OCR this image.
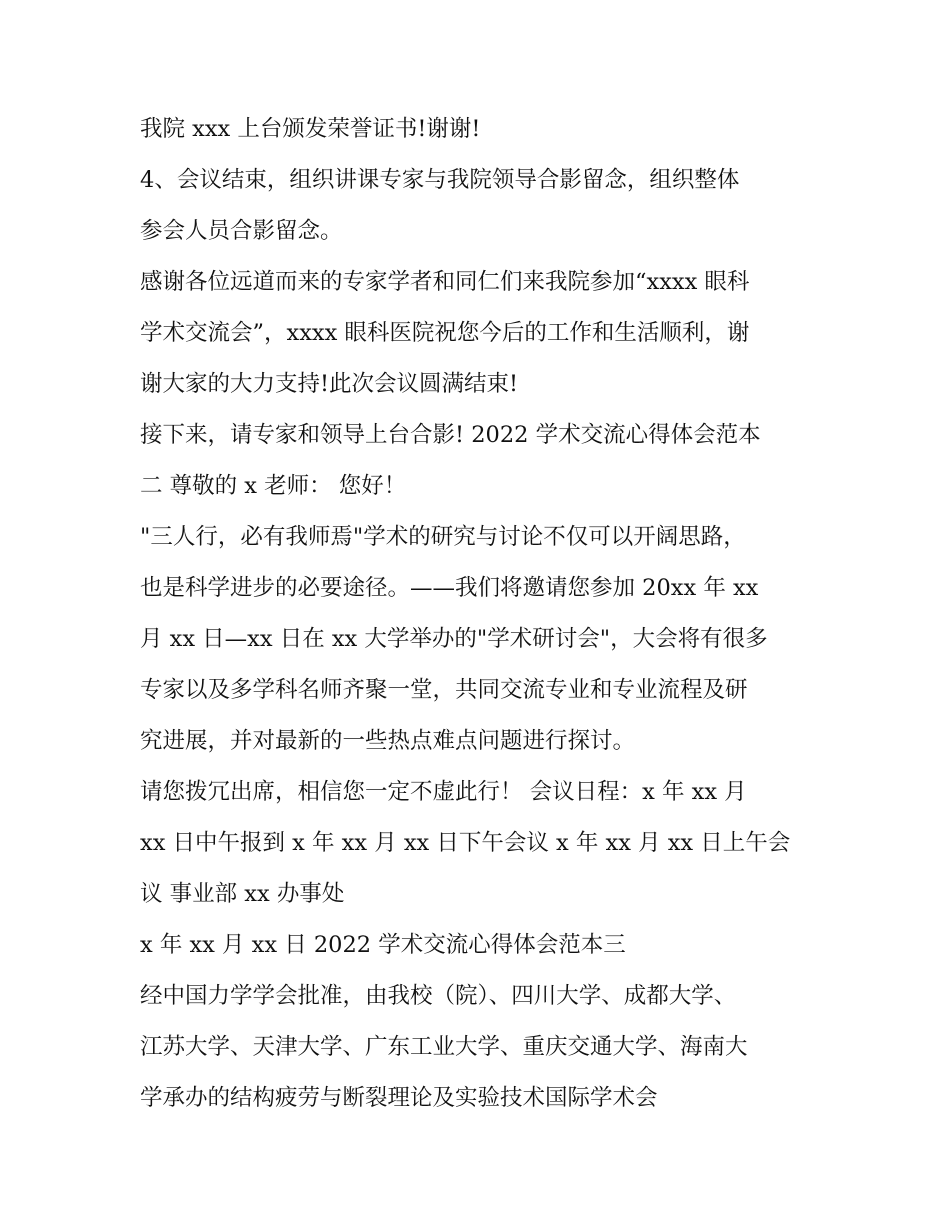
我院 xxx 上台颁发荣誉证书!谢谢!
4、会议结束，组织讲课专家与我院领导合影留念，组织整体
参会人员合影留念。
感谢各位远道而来的专家学者和同仁们来我院参加“xxxx 眼科
学术交流会”，xxxx 眼科医院祝您今后的工作和生活顺利，谢
谢大家的大力支持!此次会议圆满结束!
接下来，请专家和领导上台合影! 2022 学术交流心得体会范本
二 尊敬的 x 老师： 您好！
"三人行，必有我师焉"学术的研究与讨论不仅可以开阔思路，
也是科学进步的必要途径。——我们将邀请您参加 20xx 年 xx
月 xx 日—xx 日在 xx 大学举办的"学术研讨会"，大会将有很多
专家以及多学科名师齐聚一堂，共同交流专业和专业流程及研
究进展，并对最新的一些热点难点问题进行探讨。
请您拨冗出席，相信您一定不虚此行！ 会议日程：x 年 xx 月
xx 日中午报到 x 年 xx 月 xx 日下午会议 x 年 xx 月 xx 日上午会
议 事业部 xx 办事处
x 年 xx 月 xx 日 2022 学术交流心得体会范本三
经中国力学学会批准，由我校（院）、四川大学、成都大学、
江苏大学、天津大学、广东工业大学、重庆交通大学、海南大
学承办的结构疲劳与断裂理论及实验技术国际学术会
